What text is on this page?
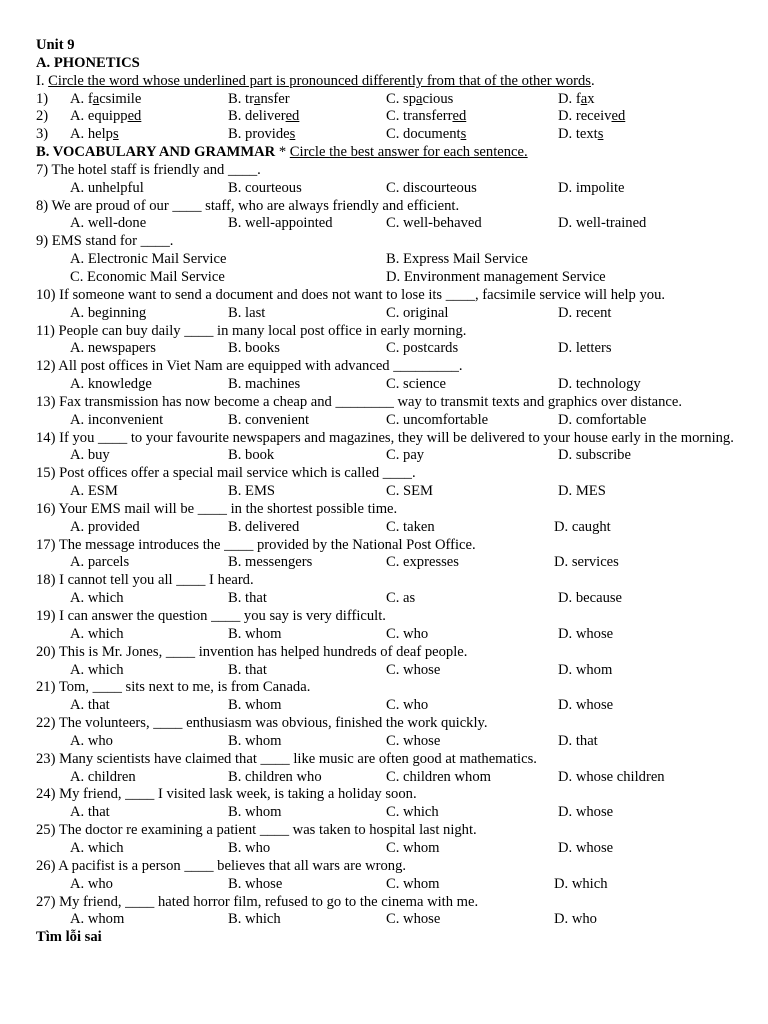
Unit 9
A. PHONETICS
I. Circle the word whose underlined part is pronounced differently from that of the other words.
1) A. facsimile	B. transfer	C. spacious	D. fax
2) A. equipped	B. delivered	C. transferred	D. received
3) A. helps	B. provides	C. documents	D. texts
B. VOCABULARY AND GRAMMAR * Circle the best answer for each sentence.
7) The hotel staff is friendly and ____.
A. unhelpful	B. courteous	C. discourteous	D. impolite
8) We are proud of our ____ staff, who are always friendly and efficient.
A. well-done	B. well-appointed	C. well-behaved	D. well-trained
9) EMS stand for ____.
A. Electronic Mail Service	B. Express Mail Service
C. Economic Mail Service	D. Environment management Service
10) If someone want to send a document and does not want to lose its ____, facsimile service will help you.
A. beginning	B. last	C. original	D. recent
11) People can buy daily ____ in many local post office in early morning.
A. newspapers	B. books	C. postcards	D. letters
12) All post offices in Viet Nam are equipped with advanced _________.
A. knowledge	B. machines	C. science	D. technology
13) Fax transmission has now become a cheap and ________ way to transmit texts and graphics over distance.
A. inconvenient	B. convenient	C. uncomfortable	D. comfortable
14) If you ____ to your favourite newspapers and magazines, they will be delivered to your house early in the morning.
A. buy	B. book	C. pay	D. subscribe
15) Post offices offer a special mail service which is called ____.
A. ESM	B. EMS	C. SEM	D. MES
16) Your EMS mail will be ____ in the shortest possible time.
A. provided	B. delivered	C. taken	D. caught
17) The message introduces the ____ provided by the National Post Office.
A. parcels	B. messengers	C. expresses	D. services
18) I cannot tell you all ____ I heard.
A. which	B. that	C. as	D. because
19) I can answer the question ____ you say is very difficult.
A. which	B. whom	C. who	D. whose
20) This is Mr. Jones, ____ invention has helped hundreds of deaf people.
A. which	B. that	C. whose	D. whom
21) Tom, ____ sits next to me, is from Canada.
A. that	B. whom	C. who	D. whose
22) The volunteers, ____ enthusiasm was obvious, finished the work quickly.
A. who	B. whom	C. whose	D. that
23) Many scientists have claimed that ____ like music are often good at mathematics.
A. children	B. children who	C. children whom	D. whose children
24) My friend, ____ I visited lask week, is taking a holiday soon.
A. that	B. whom	C. which	D. whose
25) The doctor re examining a patient ____ was taken to hospital last night.
A. which	B. who	C. whom	D. whose
26) A pacifist is a person ____ believes that all wars are wrong.
A. who	B. whose	C. whom	D. which
27) My friend, ____ hated horror film, refused to go to the cinema with me.
A. whom	B. which	C. whose	D. who
Tìm lỗi sai
